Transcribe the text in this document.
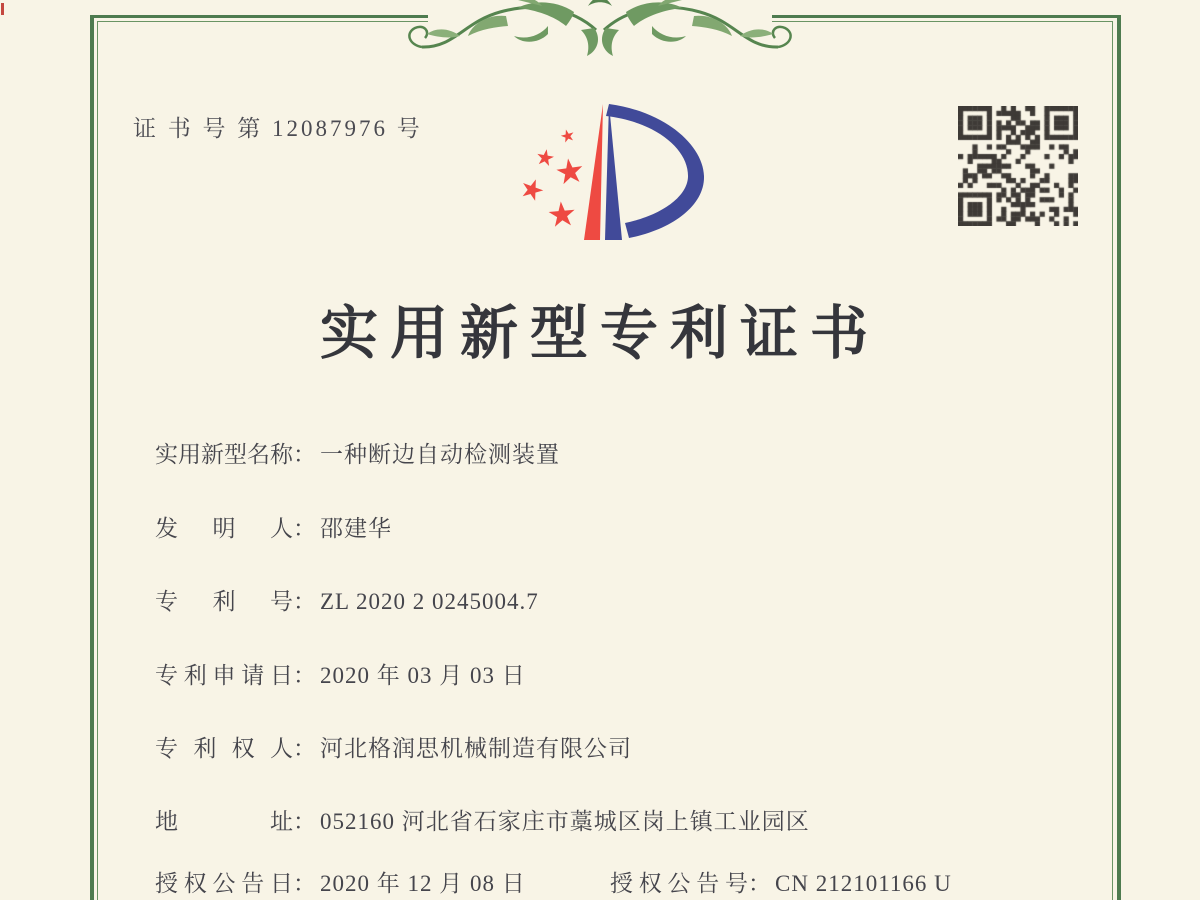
证 书 号 第 12087976 号	★
★
★
★
★
实用新型专利证书
实用新型名称： 一种断边自动检测装置
发明人： 邵建华
专利号： ZL 2020 2 0245004.7
专利申请日： 2020 年 03 月 03 日
专利权人： 河北格润思机械制造有限公司
地址： 052160 河北省石家庄市藁城区岗上镇工业园区
授权公告日： 2020 年 12 月 08 日	授权公告号： CN 212101166 U
